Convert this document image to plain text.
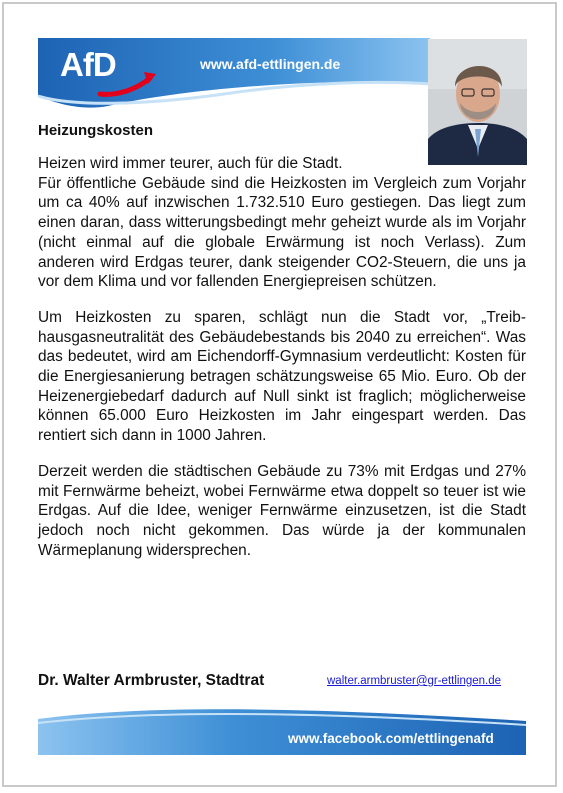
AfD	www.afd-ettlingen.de
Heizungskosten

Heizen wird immer teurer, auch für die Stadt.

Für öffentliche Gebäude sind die Heizkosten im Vergleich zum Vorjahr um ca 40% auf inzwischen 1.732.510 Euro gestiegen. Das liegt zum einen daran, dass witterungsbedingt mehr geheizt wurde als im Vorjahr (nicht einmal auf die globale Erwärmung ist noch Verlass). Zum anderen wird Erdgas teurer, dank steigender CO2-Steuern, die uns ja vor dem Klima und vor fallenden Energiepreisen schützen.

Um Heizkosten zu sparen, schlägt nun die Stadt vor, „Treibhausgasneutralität des Gebäudebestands bis 2040 zu erreichen“. Was das bedeutet, wird am Eichendorff-Gymnasium verdeutlicht: Kosten für die Energiesanierung betragen schätzungsweise 65 Mio. Euro. Ob der Heizenergiebedarf dadurch auf Null sinkt ist fraglich; möglicherweise können 65.000 Euro Heizkosten im Jahr eingespart werden. Das rentiert sich dann in 1000 Jahren.

Derzeit werden die städtischen Gebäude zu 73% mit Erdgas und 27% mit Fernwärme beheizt, wobei Fernwärme etwa doppelt so teuer ist wie Erdgas. Auf die Idee, weniger Fernwärme einzusetzen, ist die Stadt jedoch noch nicht gekommen. Das würde ja der kommunalen Wärmeplanung widersprechen.

Dr. Walter Armbruster, Stadtrat	walter.armbruster@gr-ettlingen.de
www.facebook.com/ettlingenafd
